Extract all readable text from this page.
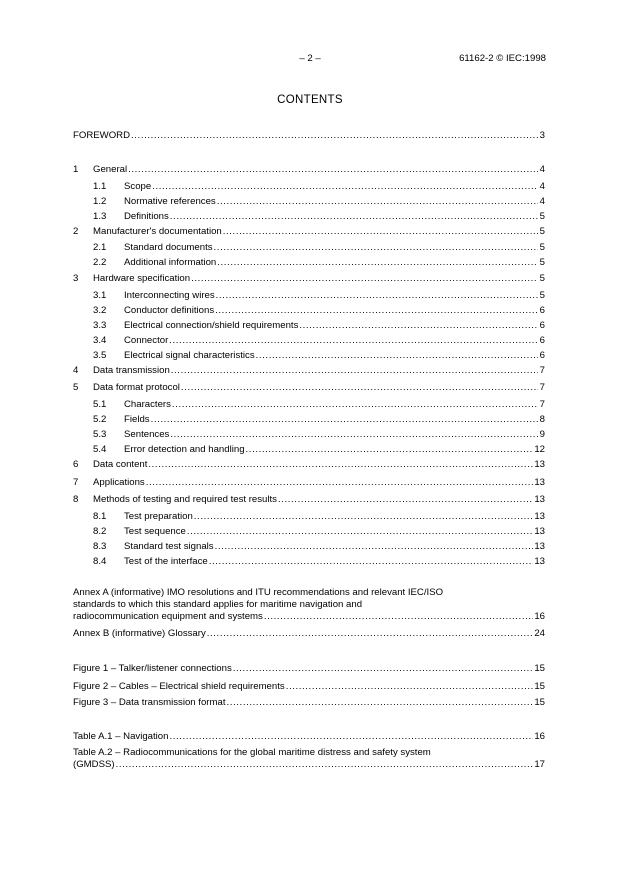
– 2 –	61162-2 © IEC:1998
CONTENTS
FOREWORD .....	3
1	General .....	4
1.1	Scope .....	4
1.2	Normative references .....	4
1.3	Definitions .....	5
2	Manufacturer's documentation .....	5
2.1	Standard documents .....	5
2.2	Additional information .....	5
3	Hardware specification .....	5
3.1	Interconnecting wires .....	5
3.2	Conductor definitions .....	6
3.3	Electrical connection/shield requirements .....	6
3.4	Connector .....	6
3.5	Electrical signal characteristics .....	6
4	Data transmission .....	7
5	Data format protocol .....	7
5.1	Characters .....	7
5.2	Fields .....	8
5.3	Sentences .....	9
5.4	Error detection and handling .....	12
6	Data content .....	13
7	Applications .....	13
8	Methods of testing and required test results .....	13
8.1	Test preparation .....	13
8.2	Test sequence .....	13
8.3	Standard test signals .....	13
8.4	Test of the interface .....	13
Annex A (informative) IMO resolutions and ITU recommendations and relevant IEC/ISO
standards to which this standard applies for maritime navigation and
radiocommunication equipment and systems .....	16
Annex B (informative) Glossary .....	24
Figure 1 – Talker/listener connections .....	15
Figure 2 – Cables – Electrical shield requirements .....	15
Figure 3 – Data transmission format .....	15
Table A.1 – Navigation .....	16
Table A.2 – Radiocommunications for the global maritime distress and safety system
(GMDSS) .....	17
